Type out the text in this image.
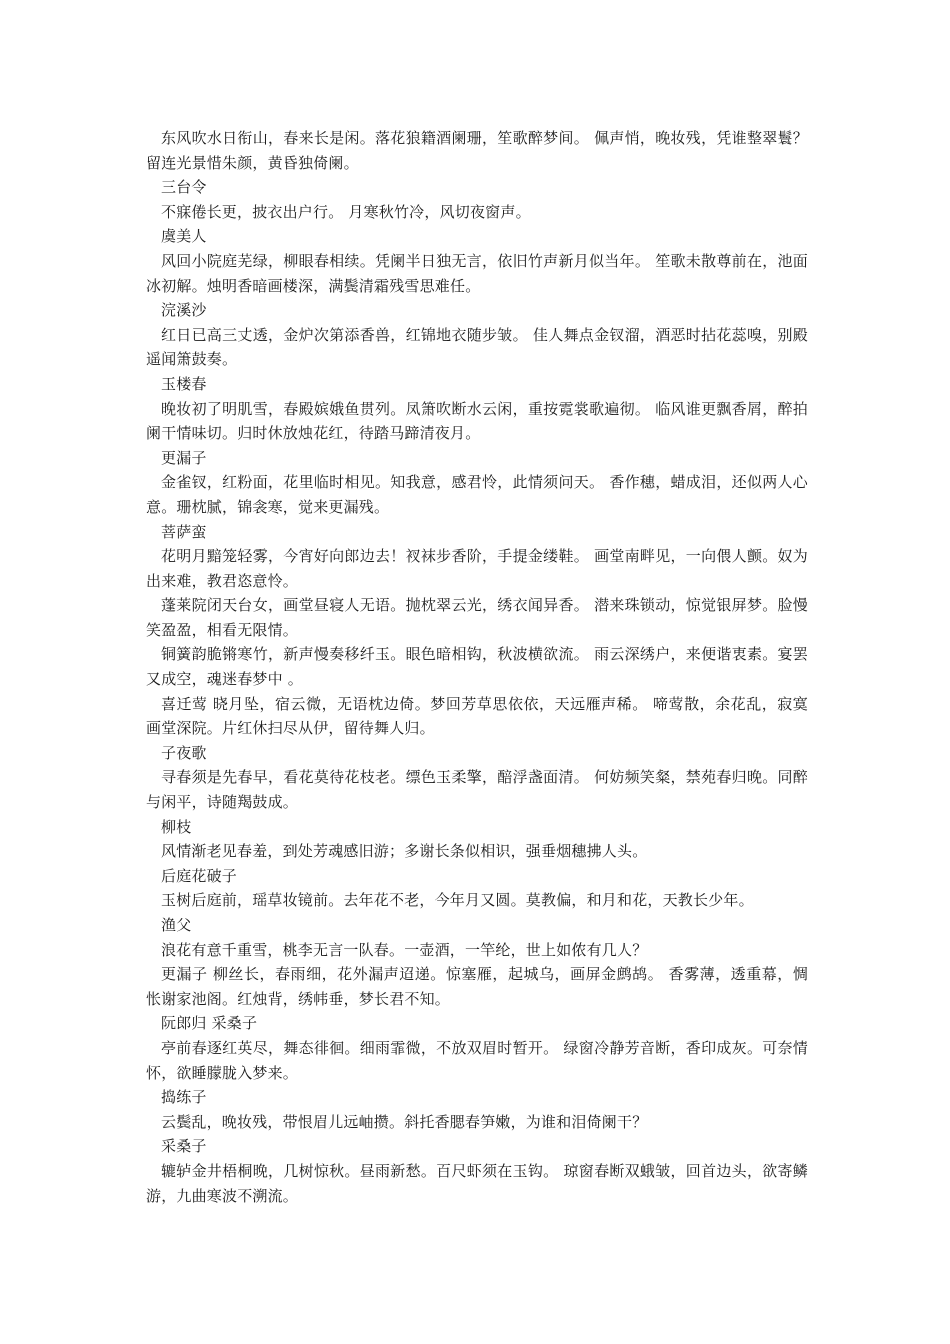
东风吹水日衔山，春来长是闲。落花狼籍酒阑珊，笙歌醉梦间。 佩声悄，晚妆残，凭谁整翠鬟？留连光景惜朱颜，黄昏独倚阑。

三台令

不寐倦长更，披衣出户行。 月寒秋竹冷，风切夜窗声。

虞美人

风回小院庭芜绿，柳眼春相续。凭阑半日独无言，依旧竹声新月似当年。 笙歌未散尊前在，池面冰初解。烛明香暗画楼深，满鬓清霜残雪思难任。

浣溪沙

红日已高三丈透，金炉次第添香兽，红锦地衣随步皱。 佳人舞点金钗溜，酒恶时拈花蕊嗅，别殿遥闻箫鼓奏。

玉楼春

晚妆初了明肌雪，春殿嫔娥鱼贯列。凤箫吹断水云闲，重按霓裳歌遍彻。 临风谁更飘香屑，醉拍阑干情味切。归时休放烛花红，待踏马蹄清夜月。

更漏子

金雀钗，红粉面，花里临时相见。知我意，感君怜，此情须问天。 香作穗，蜡成泪，还似两人心意。珊枕腻，锦衾寒，觉来更漏残。

菩萨蛮

花明月黯笼轻雾，今宵好向郎边去！衩袜步香阶，手提金缕鞋。 画堂南畔见，一向偎人颤。奴为出来难，教君恣意怜。

蓬莱院闭天台女，画堂昼寝人无语。抛枕翠云光，绣衣闻异香。 潜来珠锁动，惊觉银屏梦。脸慢笑盈盈，相看无限情。

铜簧韵脆锵寒竹，新声慢奏移纤玉。眼色暗相钩，秋波横欲流。 雨云深绣户，来便谐衷素。宴罢又成空，魂迷春梦中 。

喜迁莺 晓月坠，宿云微，无语枕边倚。梦回芳草思依依，天远雁声稀。 啼莺散，余花乱，寂寞画堂深院。片红休扫尽从伊，留待舞人归。

子夜歌

寻春须是先春早，看花莫待花枝老。缥色玉柔擎，醅浮盏面清。 何妨频笑粲，禁苑春归晚。同醉与闲平，诗随羯鼓成。

柳枝

风情渐老见春羞，到处芳魂感旧游；多谢长条似相识，强垂烟穗拂人头。

后庭花破子

玉树后庭前，瑶草妆镜前。去年花不老，今年月又圆。莫教偏，和月和花，天教长少年。

渔父

浪花有意千重雪，桃李无言一队春。一壶酒，一竿纶，世上如侬有几人？

更漏子 柳丝长，春雨细，花外漏声迢递。惊塞雁，起城乌，画屏金鹧鸪。 香雾薄，透重幕，惆怅谢家池阁。红烛背，绣帏垂，梦长君不知。

阮郎归 采桑子

亭前春逐红英尽，舞态徘徊。细雨霏微，不放双眉时暂开。 绿窗冷静芳音断，香印成灰。可奈情怀，欲睡朦胧入梦来。

捣练子

云鬓乱，晚妆残，带恨眉儿远岫攒。斜托香腮春笋嫩，为谁和泪倚阑干？

采桑子

辘轳金井梧桐晚，几树惊秋。昼雨新愁。百尺虾须在玉钩。 琼窗春断双蛾皱，回首边头，欲寄鳞游，九曲寒波不溯流。
